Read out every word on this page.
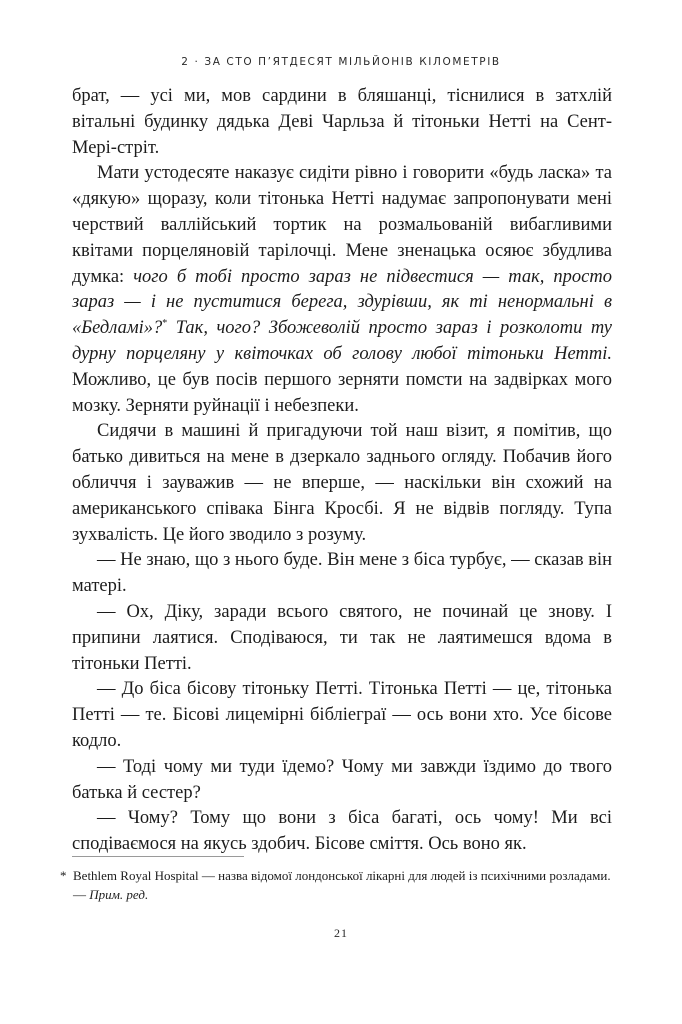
2 · ЗА СТО П’ЯТДЕСЯТ МІЛЬЙОНІВ КІЛОМЕТРІВ

брат, — усі ми, мов сардини в бляшанці, тіснилися в затхлій вітальні будинку дядька Деві Чарльза й тітоньки Нетті на Сент-Мері-стріт.

Мати устодесяте наказує сидіти рівно і говорити «будь ласка» та «дякую» щоразу, коли тітонька Нетті надумає запропонувати мені черствий валлійський тортик на розмальованій вибагливими квітами порцеляновій тарілочці. Мене зненацька осяює збудлива думка: чого б тобі просто зараз не підвестися — так, просто зараз — і не пуститися берега, здурівши, як ті ненормальні в «Бедламі»?* Так, чого? Збожеволій просто зараз і розколоти ту дурну порцеляну у квіточках об голову любої тітоньки Нетті. Можливо, це був посів першого зерняти помсти на задвірках мого мозку. Зерняти руйнації і небезпеки.

Сидячи в машині й пригадуючи той наш візит, я помітив, що батько дивиться на мене в дзеркало заднього огляду. Побачив його обличчя і зауважив — не вперше, — наскільки він схожий на американського співака Бінга Кросбі. Я не відвів погляду. Тупа зухвалість. Це його зводило з розуму.

— Не знаю, що з нього буде. Він мене з біса турбує, — сказав він матері.

— Ох, Діку, заради всього святого, не починай це знову. І припини лаятися. Сподіваюся, ти так не лаятимешся вдома в тітоньки Петті.

— До біса бісову тітоньку Петті. Тітонька Петті — це, тітонька Петті — те. Бісові лицемірні бібліеграї — ось вони хто. Усе бісове кодло.

— Тоді чому ми туди їдемо? Чому ми завжди їздимо до твого батька й сестер?

— Чому? Тому що вони з біса багаті, ось чому! Ми всі сподіваємося на якусь здобич. Бісове сміття. Ось воно як.

* Bethlem Royal Hospital — назва відомої лондонської лікарні для людей із психічними розладами. — Прим. ред.
21
